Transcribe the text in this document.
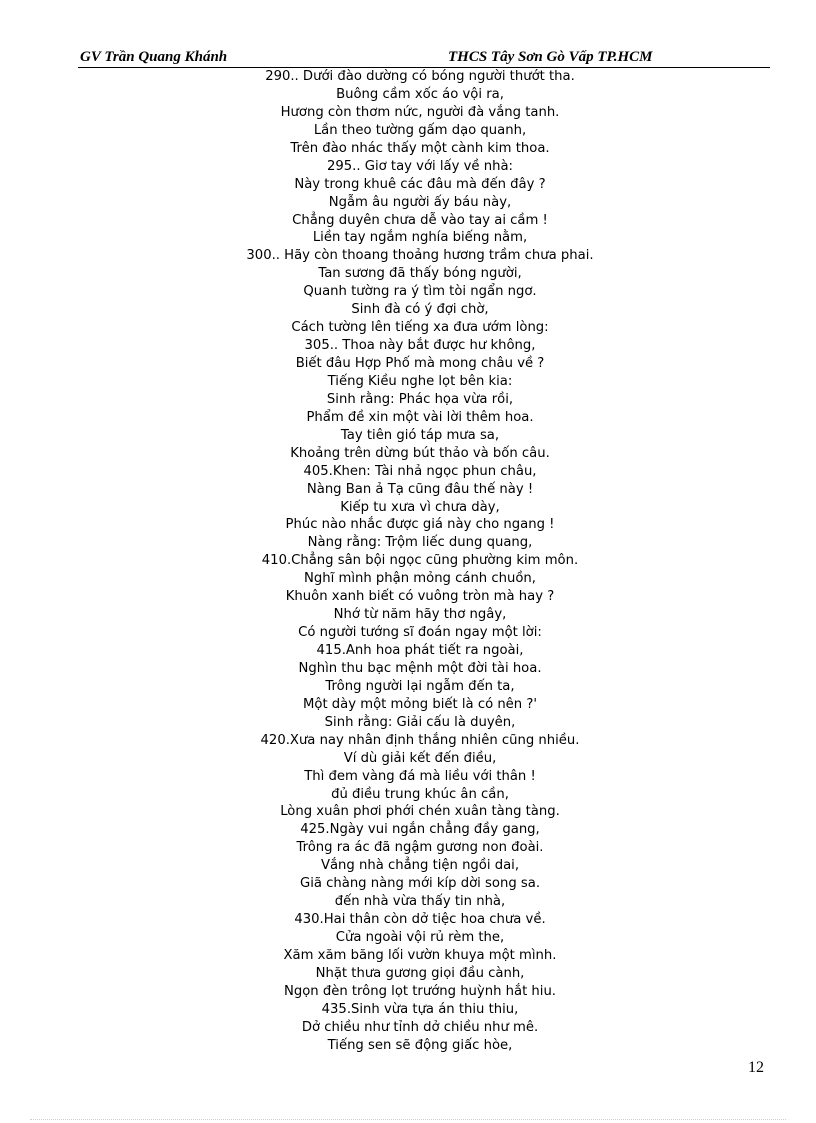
GV Trần Quang Khánh	THCS Tây Sơn Gò Vấp TP.HCM
290.. Dưới đào dường có bóng người thướt tha.
Buông cầm xốc áo vội ra,
Hương còn thơm nức, người đà vắng tanh.
Lần theo tường gấm dạo quanh,
Trên đào nhác thấy một cành kim thoa.
295.. Giơ tay với lấy về nhà:
Này trong khuê các đâu mà đến đây ?
Ngẫm âu người ấy báu này,
Chẳng duyên chưa dễ vào tay ai cầm !
Liền tay ngắm nghía biếng nằm,
300.. Hãy còn thoang thoảng hương trầm chưa phai.
Tan sương đã thấy bóng người,
Quanh tường ra ý tìm tòi ngẩn ngơ.
Sinh đà có ý đợi chờ,
Cách tường lên tiếng xa đưa ướm lòng:
305.. Thoa này bắt được hư không,
Biết đâu Hợp Phố mà mong châu về ?
Tiếng Kiều nghe lọt bên kia:
Sinh rằng: Phác họa vừa rồi,
Phẩm đề xin một vài lời thêm hoa.
Tay tiên gió táp mưa sa,
Khoảng trên dừng bút thảo và bốn câu.
405.Khen: Tài nhả ngọc phun châu,
Nàng Ban ả Tạ cũng đâu thế này !
Kiếp tu xưa vì chưa dày,
Phúc nào nhắc được giá này cho ngang !
Nàng rằng: Trộm liếc dung quang,
410.Chẳng sân bội ngọc cũng phường kim môn.
Nghĩ mình phận mỏng cánh chuồn,
Khuôn xanh biết có vuông tròn mà hay ?
Nhớ từ năm hãy thơ ngây,
Có người tướng sĩ đoán ngay một lời:
415.Anh hoa phát tiết ra ngoài,
Nghìn thu bạc mệnh một đời tài hoa.
Trông người lại ngẫm đến ta,
Một dày một mỏng biết là có nên ?'
Sinh rằng: Giải cấu là duyên,
420.Xưa nay nhân định thắng nhiên cũng nhiều.
Ví dù giải kết đến điều,
Thì đem vàng đá mà liều với thân !
đủ điều trung khúc ân cần,
Lòng xuân phơi phới chén xuân tàng tàng.
425.Ngày vui ngắn chẳng đầy gang,
Trông ra ác đã ngậm gương non đoài.
Vắng nhà chẳng tiện ngồi dai,
Giã chàng nàng mới kíp dời song sa.
đến nhà vừa thấy tin nhà,
430.Hai thân còn dở tiệc hoa chưa về.
Cửa ngoài vội rủ rèm the,
Xăm xăm băng lối vườn khuya một mình.
Nhặt thưa gương giọi đầu cành,
Ngọn đèn trông lọt trướng huỳnh hắt hiu.
435.Sinh vừa tựa án thiu thiu,
Dở chiều như tỉnh dở chiều như mê.
Tiếng sen sẽ động giấc hòe,
12
